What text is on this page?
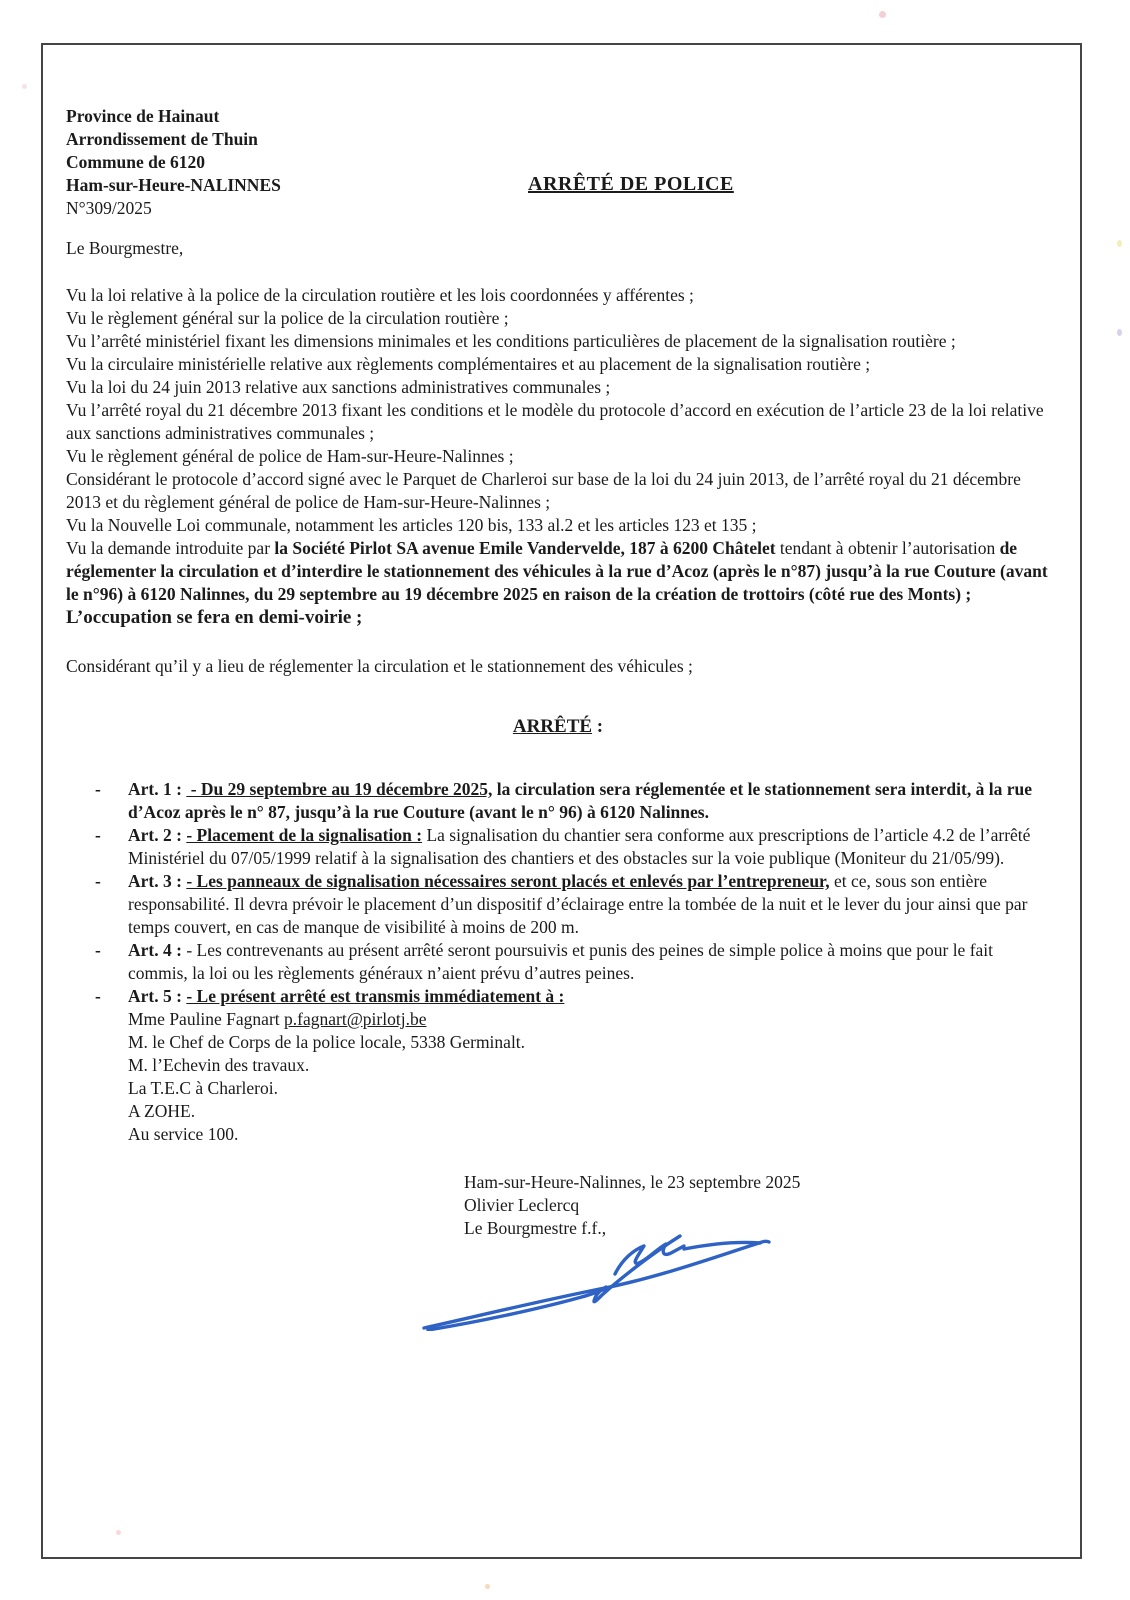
Province de Hainaut
Arrondissement de Thuin
Commune de 6120
Ham-sur-Heure-NALINNES
N°309/2025
ARRÊTÉ DE POLICE

Le Bourgmestre,

Vu la loi relative à la police de la circulation routière et les lois coordonnées y afférentes ;

Vu le règlement général sur la police de la circulation routière ;

Vu l’arrêté ministériel fixant les dimensions minimales et les conditions particulières de placement de la signalisation routière ;

Vu la circulaire ministérielle relative aux règlements complémentaires et au placement de la signalisation routière ;

Vu la loi du 24 juin 2013 relative aux sanctions administratives communales ;

Vu l’arrêté royal du 21 décembre 2013 fixant les conditions et le modèle du protocole d’accord en exécution de l’article 23 de la loi relative aux sanctions administratives communales ;

Vu le règlement général de police de Ham-sur-Heure-Nalinnes ;

Considérant le protocole d’accord signé avec le Parquet de Charleroi sur base de la loi du 24 juin 2013, de l’arrêté royal du 21 décembre 2013 et du règlement général de police de Ham-sur-Heure-Nalinnes ;

Vu la Nouvelle Loi communale, notamment les articles 120 bis, 133 al.2 et les articles 123 et 135 ;

Vu la demande introduite par la Société Pirlot SA avenue Emile Vandervelde, 187 à 6200 Châtelet tendant à obtenir l’autorisation de réglementer la circulation et d’interdire le stationnement des véhicules à la rue d’Acoz (après le n°87) jusqu’à la rue Couture (avant le n°96) à 6120 Nalinnes, du 29 septembre au 19 décembre 2025 en raison de la création de trottoirs (côté rue des Monts) ;

L’occupation se fera en demi-voirie ;

Considérant qu’il y a lieu de réglementer la circulation et le stationnement des véhicules ;

ARRÊTÉ :
-	Art. 1 :  - Du 29 septembre au 19 décembre 2025, la circulation sera réglementée et le stationnement sera interdit, à la rue d’Acoz après le n° 87, jusqu’à la rue Couture (avant le n° 96) à 6120 Nalinnes.
-	Art. 2 : - Placement de la signalisation : La signalisation du chantier sera conforme aux prescriptions de l’article 4.2 de l’arrêté Ministériel du 07/05/1999 relatif à la signalisation des chantiers et des obstacles sur la voie publique (Moniteur du 21/05/99).
-	Art. 3 : - Les panneaux de signalisation nécessaires seront placés et enlevés par l’entrepreneur, et ce, sous son entière responsabilité. Il devra prévoir le placement d’un dispositif d’éclairage entre la tombée de la nuit et le lever du jour ainsi que par temps couvert, en cas de manque de visibilité à moins de 200 m.
-	Art. 4 : - Les contrevenants au présent arrêté seront poursuivis et punis des peines de simple police à moins que pour le fait commis, la loi ou les règlements généraux n’aient prévu d’autres peines.
-	Art. 5 : - Le présent arrêté est transmis immédiatement à :

Mme Pauline Fagnart p.fagnart@pirlotj.be

M. le Chef de Corps de la police locale, 5338 Germinalt.

M. l’Echevin des travaux.

La T.E.C à Charleroi.

A ZOHE.

Au service 100.

Ham-sur-Heure-Nalinnes, le 23 septembre 2025

Olivier Leclercq

Le Bourgmestre f.f.,
